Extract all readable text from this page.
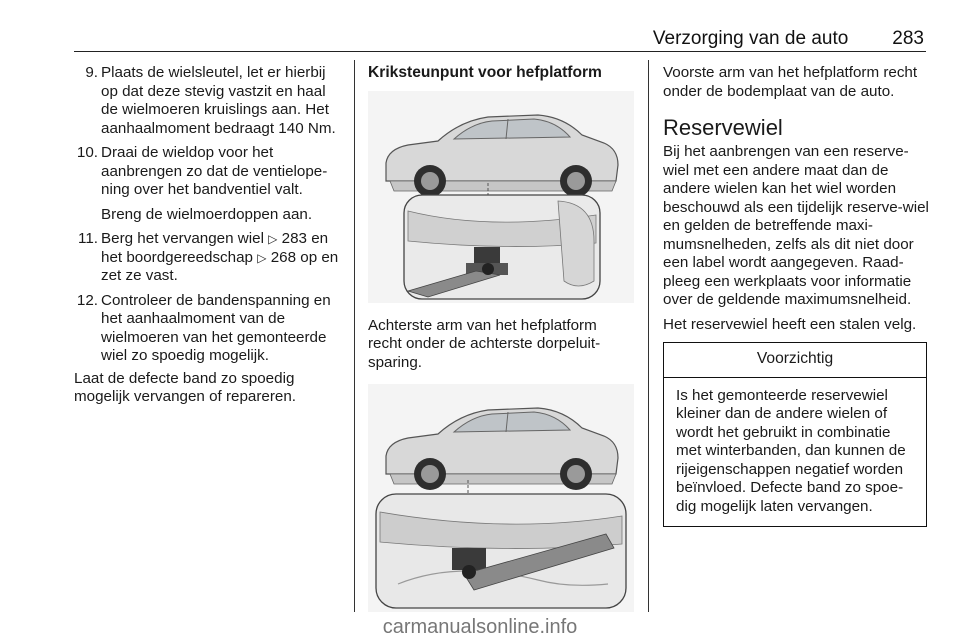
Verzorging van de auto 283
9. Plaats de wielsleutel, let er hierbij op dat deze stevig vastzit en haal de wielmoeren kruislings aan. Het aanhaalmoment bedraagt 140 Nm.
10. Draai de wieldop voor het aanbrengen zo dat de ventielope-ning over het bandventiel valt.
Breng de wielmoerdoppen aan.
11. Berg het vervangen wiel ▷ 283 en het boordgereedschap ▷ 268 op en zet ze vast.
12. Controleer de bandenspanning en het aanhaalmoment van de wielmoeren van het gemonteerde wiel zo spoedig mogelijk.

Laat de defecte band zo spoedig mogelijk vervangen of repareren.

Kriksteunpunt voor hefplatform

Achterste arm van het hefplatform recht onder de achterste dorpeluit-sparing.

Voorste arm van het hefplatform recht onder de bodemplaat van de auto.

Reservewiel

Bij het aanbrengen van een reserve-wiel met een andere maat dan de andere wielen kan het wiel worden beschouwd als een tijdelijk reserve-wiel en gelden de betreffende maxi-mumsnelheden, zelfs als dit niet door een label wordt aangegeven. Raad-pleeg een werkplaats voor informatie over de geldende maximumsnelheid.

Het reservewiel heeft een stalen velg.

Voorzichtig
Is het gemonteerde reservewiel kleiner dan de andere wielen of wordt het gebruikt in combinatie met winterbanden, dan kunnen de rijeigenschappen negatief worden beïnvloed. Defecte band zo spoe-dig mogelijk laten vervangen.
carmanualsonline.info
